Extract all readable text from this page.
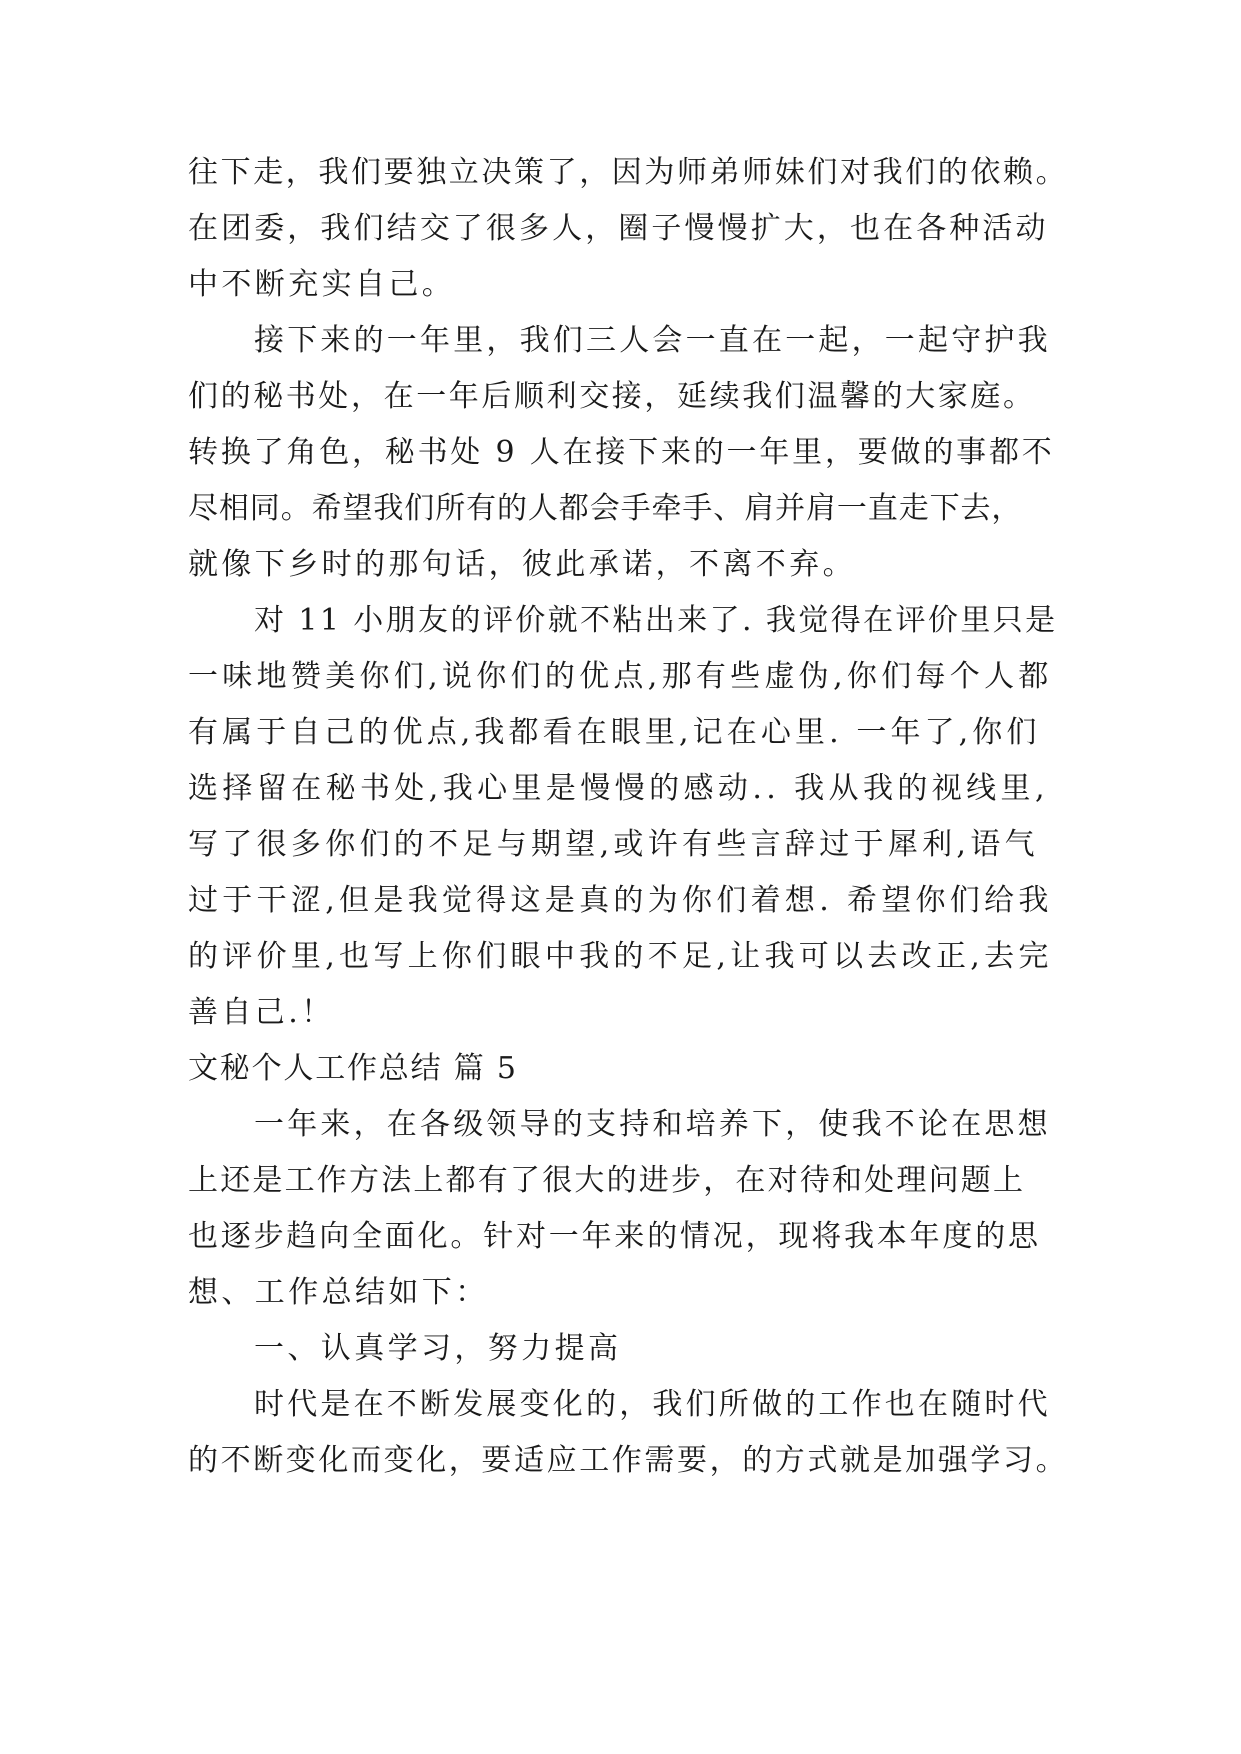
往下走，我们要独立决策了，因为师弟师妹们对我们的依赖。

在团委，我们结交了很多人，圈子慢慢扩大，也在各种活动

中不断充实自己。

接下来的一年里，我们三人会一直在一起，一起守护我

们的秘书处，在一年后顺利交接，延续我们温馨的大家庭。

转换了角色，秘书处 9 人在接下来的一年里，要做的事都不

尽相同。希望我们所有的人都会手牵手、肩并肩一直走下去，

就像下乡时的那句话，彼此承诺，不离不弃。

对 11 小朋友的评价就不粘出来了. 我觉得在评价里只是

一味地赞美你们,说你们的优点,那有些虚伪,你们每个人都

有属于自己的优点,我都看在眼里,记在心里. 一年了,你们

选择留在秘书处,我心里是慢慢的感动.. 我从我的视线里,

写了很多你们的不足与期望,或许有些言辞过于犀利,语气

过于干涩,但是我觉得这是真的为你们着想. 希望你们给我

的评价里,也写上你们眼中我的不足,让我可以去改正,去完

善自己.！

文秘个人工作总结 篇 5

一年来，在各级领导的支持和培养下，使我不论在思想

上还是工作方法上都有了很大的进步，在对待和处理问题上

也逐步趋向全面化。针对一年来的情况，现将我本年度的思

想、工作总结如下：

一、认真学习，努力提高

时代是在不断发展变化的，我们所做的工作也在随时代

的不断变化而变化，要适应工作需要，的方式就是加强学习。
